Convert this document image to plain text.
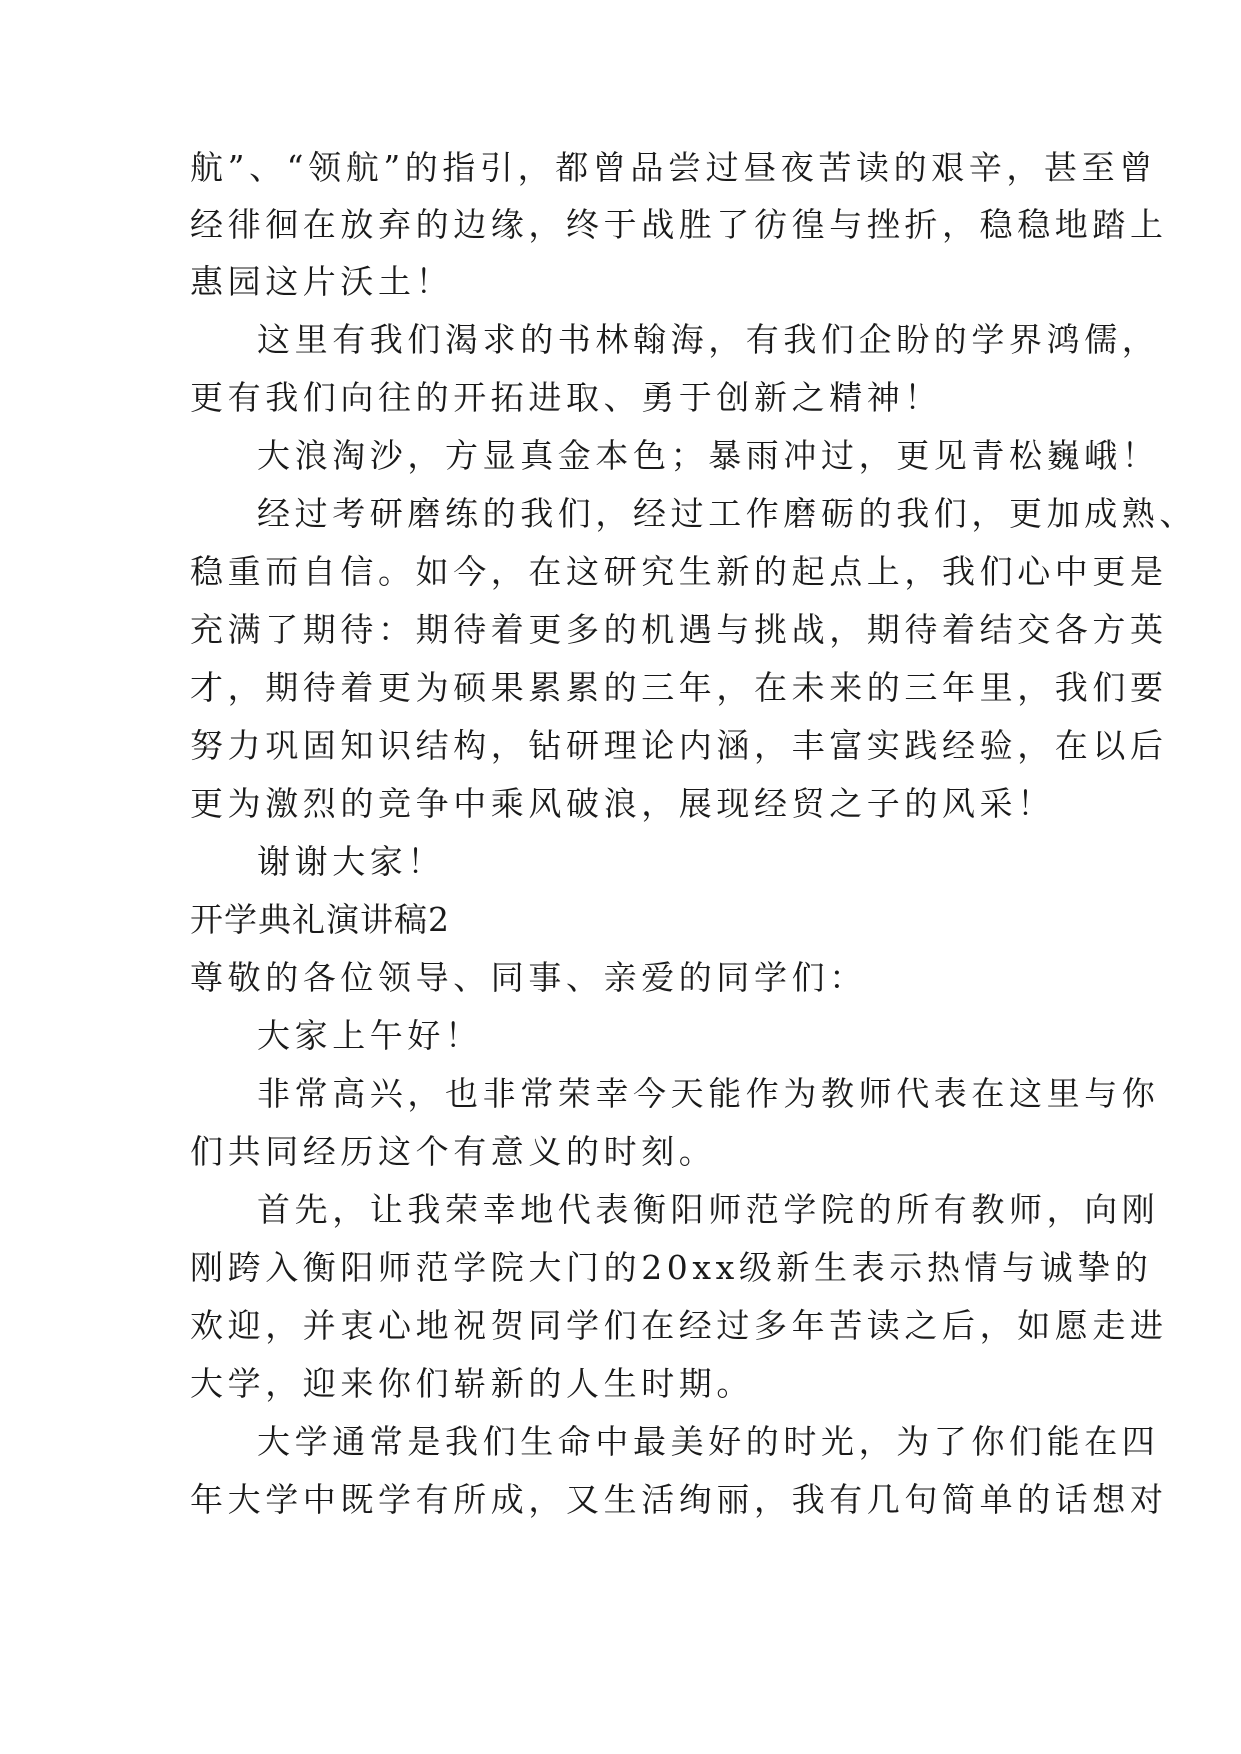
航”、“领航”的指引，都曾品尝过昼夜苦读的艰辛，甚至曾
经徘徊在放弃的边缘，终于战胜了彷徨与挫折，稳稳地踏上
惠园这片沃土！
这里有我们渴求的书林翰海，有我们企盼的学界鸿儒，
更有我们向往的开拓进取、勇于创新之精神！
大浪淘沙，方显真金本色；暴雨冲过，更见青松巍峨！
经过考研磨练的我们，经过工作磨砺的我们，更加成熟、
稳重而自信。如今，在这研究生新的起点上，我们心中更是
充满了期待：期待着更多的机遇与挑战，期待着结交各方英
才，期待着更为硕果累累的三年，在未来的三年里，我们要
努力巩固知识结构，钻研理论内涵，丰富实践经验，在以后
更为激烈的竞争中乘风破浪，展现经贸之子的风采！
谢谢大家！
开学典礼演讲稿2
尊敬的各位领导、同事、亲爱的同学们：
大家上午好！
非常高兴，也非常荣幸今天能作为教师代表在这里与你
们共同经历这个有意义的时刻。
首先，让我荣幸地代表衡阳师范学院的所有教师，向刚
刚跨入衡阳师范学院大门的20xx级新生表示热情与诚挚的
欢迎，并衷心地祝贺同学们在经过多年苦读之后，如愿走进
大学，迎来你们崭新的人生时期。
大学通常是我们生命中最美好的时光，为了你们能在四
年大学中既学有所成，又生活绚丽，我有几句简单的话想对
